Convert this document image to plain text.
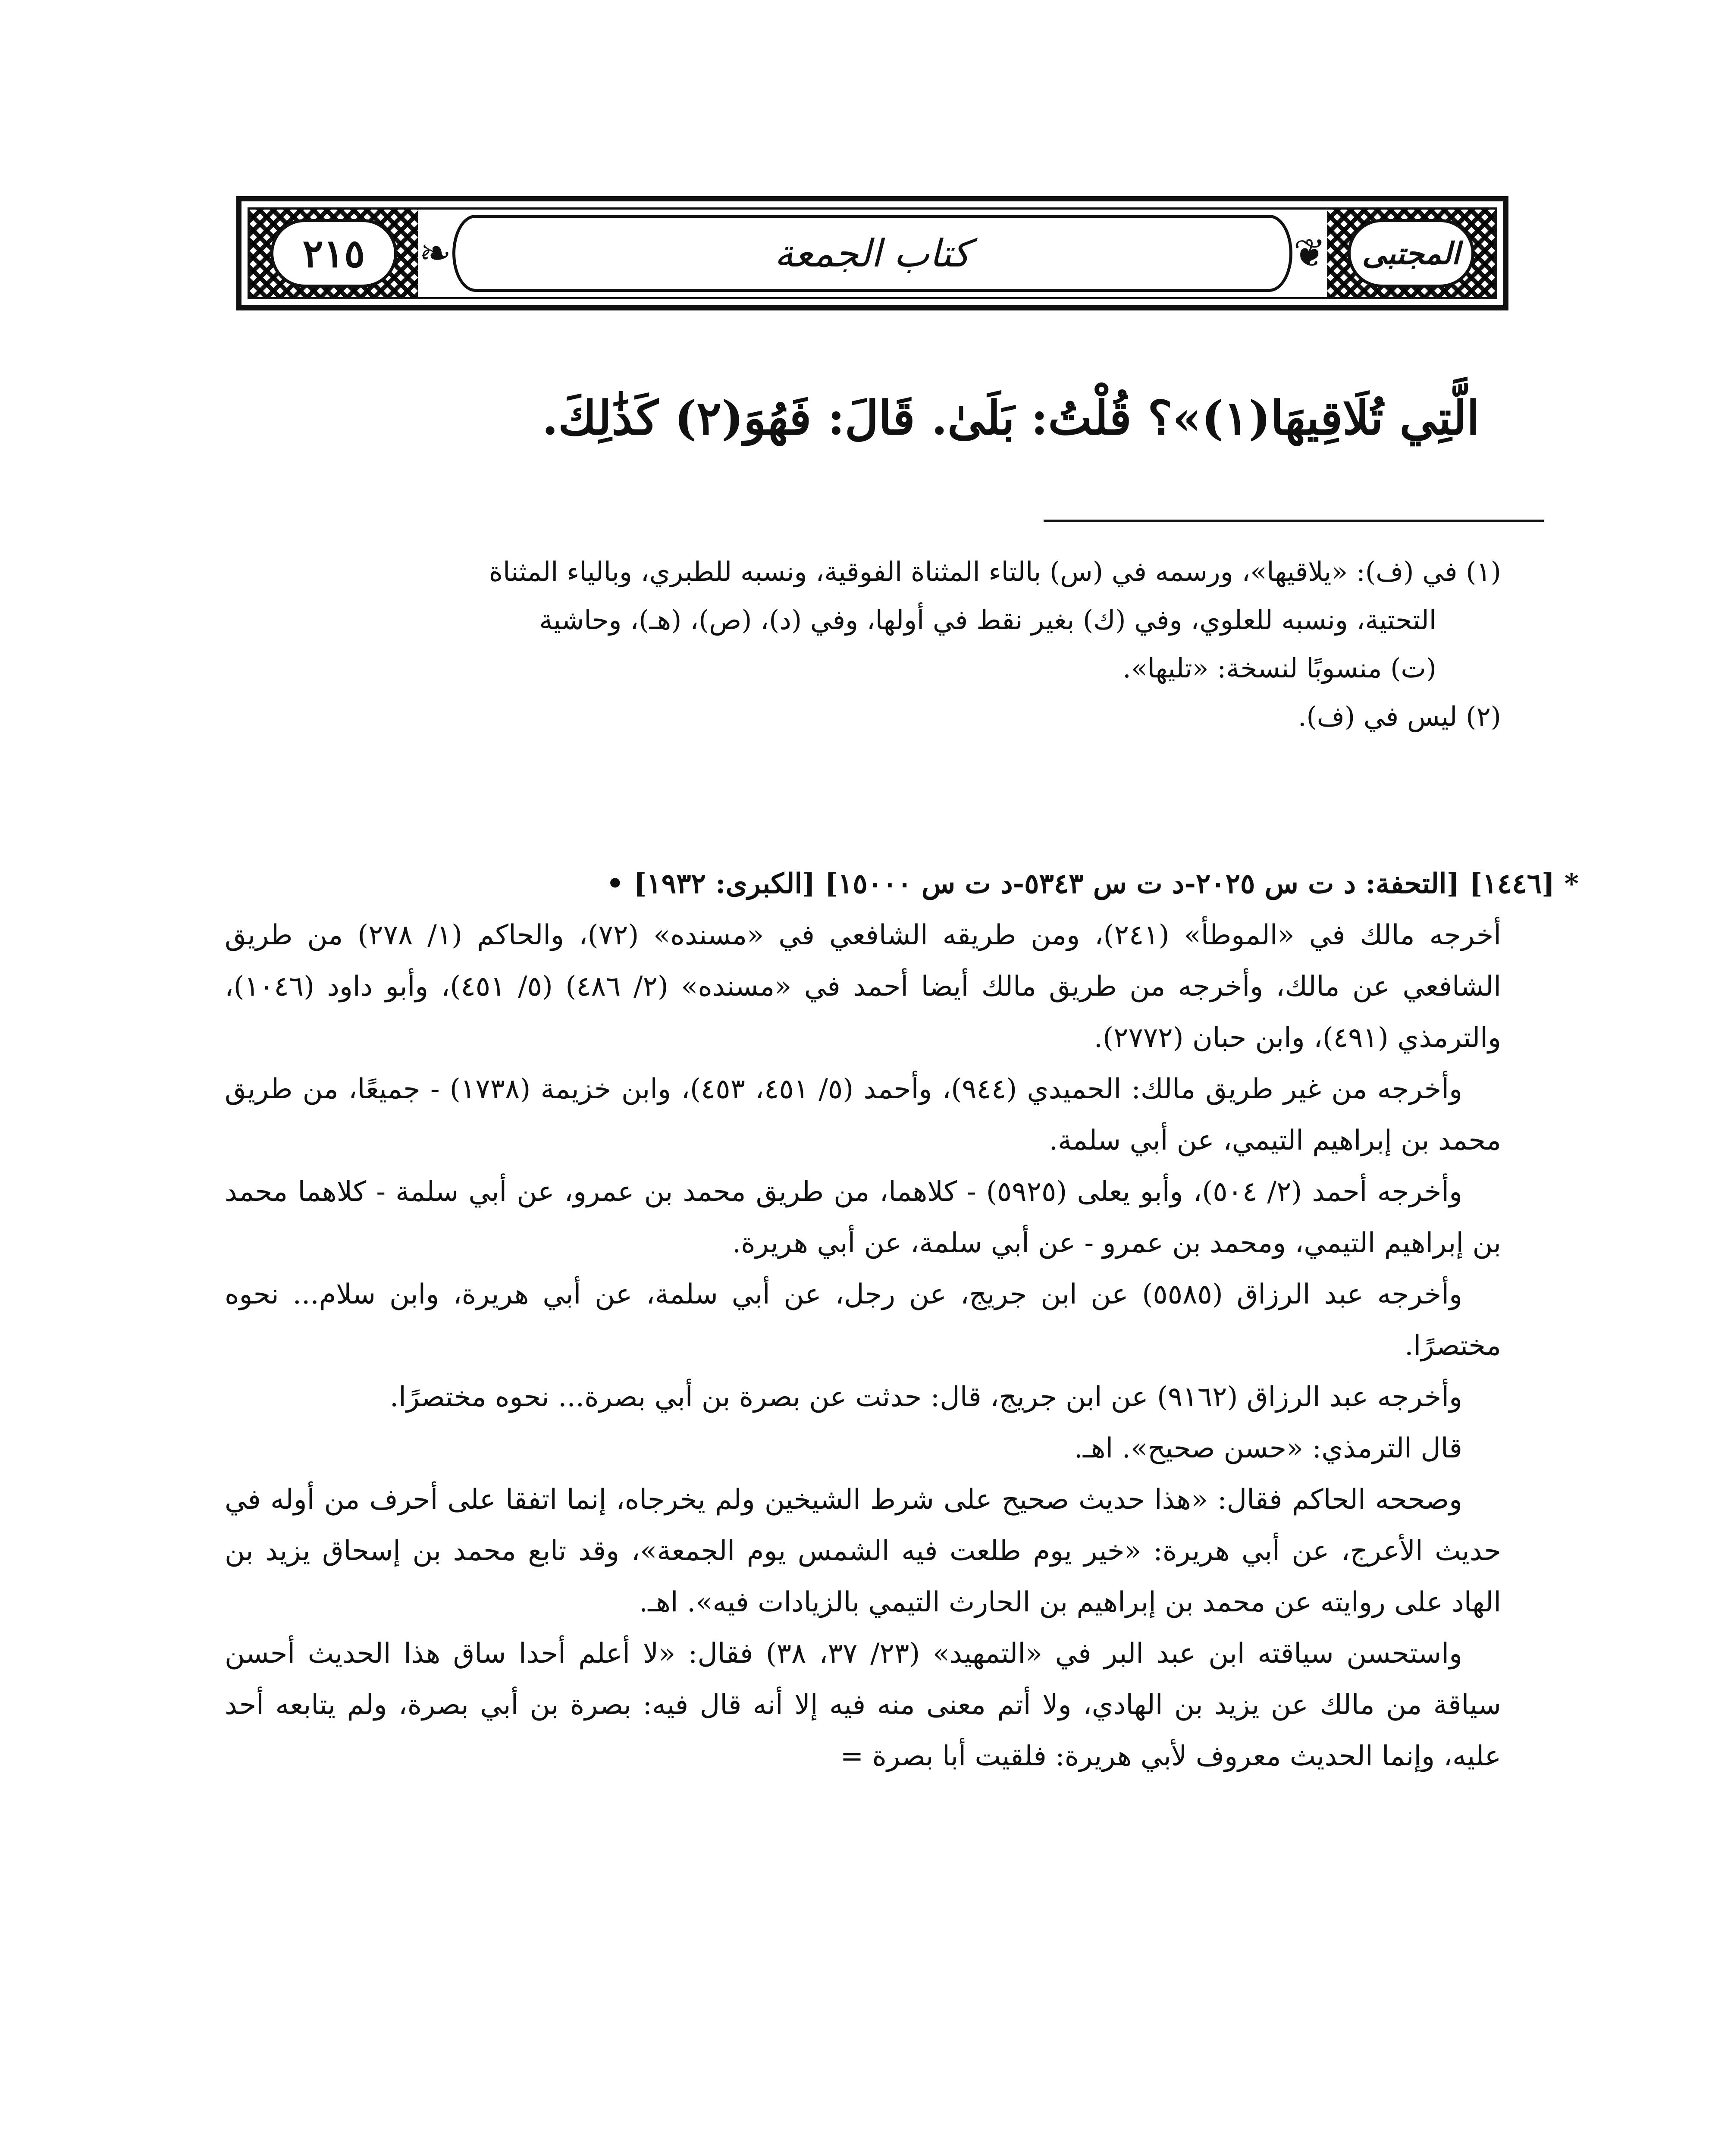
المجتبى
❦
كتاب الجمعة
❧
٢١٥
الَّتِي تُلَاقِيهَا(١)»؟ قُلْتُ: بَلَىٰ. قَالَ: فَهُوَ(٢) كَذَٰلِكَ.

(١) في (ف): «يلاقيها»، ورسمه في (س) بالتاء المثناة الفوقية، ونسبه للطبري، وبالياء المثناة

التحتية، ونسبه للعلوي، وفي (ك) بغير نقط في أولها، وفي (د)، (ص)، (هـ)، وحاشية

(ت) منسوبًا لنسخة: «تليها».

(٢) ليس في (ف).

* [١٤٤٦] [التحفة: د ت س ٢٠٢٥-د ت س ٥٣٤٣-د ت س ١٥٠٠٠] [الكبرى: ١٩٣٢] •

أخرجه مالك في «الموطأ» (٢٤١)، ومن طريقه الشافعي في «مسنده» (٧٢)، والحاكم (١/ ٢٧٨) من طريق الشافعي عن مالك، وأخرجه من طريق مالك أيضا أحمد في «مسنده» (٢/ ٤٨٦) (٥/ ٤٥١)، وأبو داود (١٠٤٦)، والترمذي (٤٩١)، وابن حبان (٢٧٧٢).

وأخرجه من غير طريق مالك: الحميدي (٩٤٤)، وأحمد (٥/ ٤٥١، ٤٥٣)، وابن خزيمة (١٧٣٨) - جميعًا، من طريق محمد بن إبراهيم التيمي، عن أبي سلمة.

وأخرجه أحمد (٢/ ٥٠٤)، وأبو يعلى (٥٩٢٥) - كلاهما، من طريق محمد بن عمرو، عن أبي سلمة - كلاهما محمد بن إبراهيم التيمي، ومحمد بن عمرو - عن أبي سلمة، عن أبي هريرة.

وأخرجه عبد الرزاق (٥٥٨٥) عن ابن جريج، عن رجل، عن أبي سلمة، عن أبي هريرة، وابن سلام... نحوه مختصرًا.

وأخرجه عبد الرزاق (٩١٦٢) عن ابن جريج، قال: حدثت عن بصرة بن أبي بصرة... نحوه مختصرًا.

قال الترمذي: «حسن صحيح». اهـ.

وصححه الحاكم فقال: «هذا حديث صحيح على شرط الشيخين ولم يخرجاه، إنما اتفقا على أحرف من أوله في حديث الأعرج، عن أبي هريرة: «خير يوم طلعت فيه الشمس يوم الجمعة»، وقد تابع محمد بن إسحاق يزيد بن الهاد على روايته عن محمد بن إبراهيم بن الحارث التيمي بالزيادات فيه». اهـ.

واستحسن سياقته ابن عبد البر في «التمهيد» (٢٣/ ٣٧، ٣٨) فقال: «لا أعلم أحدا ساق هذا الحديث أحسن سياقة من مالك عن يزيد بن الهادي، ولا أتم معنى منه فيه إلا أنه قال فيه: بصرة بن أبي بصرة، ولم يتابعه أحد عليه، وإنما الحديث معروف لأبي هريرة: فلقيت أبا بصرة =
